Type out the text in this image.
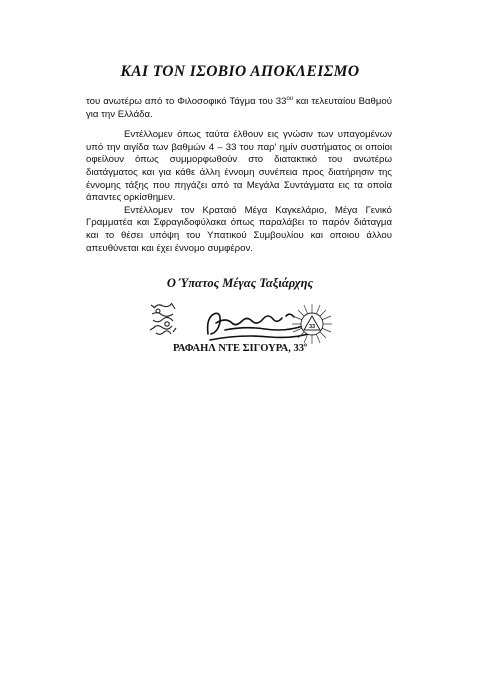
ΚΑΙ ΤΟΝ ΙΣΟΒΙΟ ΑΠΟΚΛΕΙΣΜΟ

του ανωτέρω από το Φιλοσοφικό Τάγμα του $33^{o\upsilon}$ και τελευταίου Βαθμού για την Ελλάδα.

Εντέλλομεν όπως ταύτα έλθουν εις γνώσιν των υπαγομένων υπό την αιγίδα των βαθμών 4 – 33 του παρ' ημίν συστήματος οι οποίοι οφείλουν όπως συμμορφωθούν στο διατακτικό του ανωτέρω διατάγματος και για κάθε άλλη έννομη συνέπεια προς διατήρησιν της έννομης τάξης που πηγάζει από τα Μεγάλα Συντάγματα εις τα οποία άπαντες ορκίσθημεν.

Εντέλλομεν τον Κραταιό Μέγα Καγκελάριο, Μέγα Γενικό Γραμματέα και Σφραγιδοφύλακα όπως παραλάβει το παρόν διάταγμα και το θέσει υπόψη του Υπατικού Συμβουλίου και οποιου άλλου απευθύνεται και έχει έννομο συμφέρον.

Ο Ύπατος Μέγας Ταξιάρχης
33
ΡΑΦΑΗΛ ΝΤΕ ΣΙΓΟΥΡΑ, $33^o$
